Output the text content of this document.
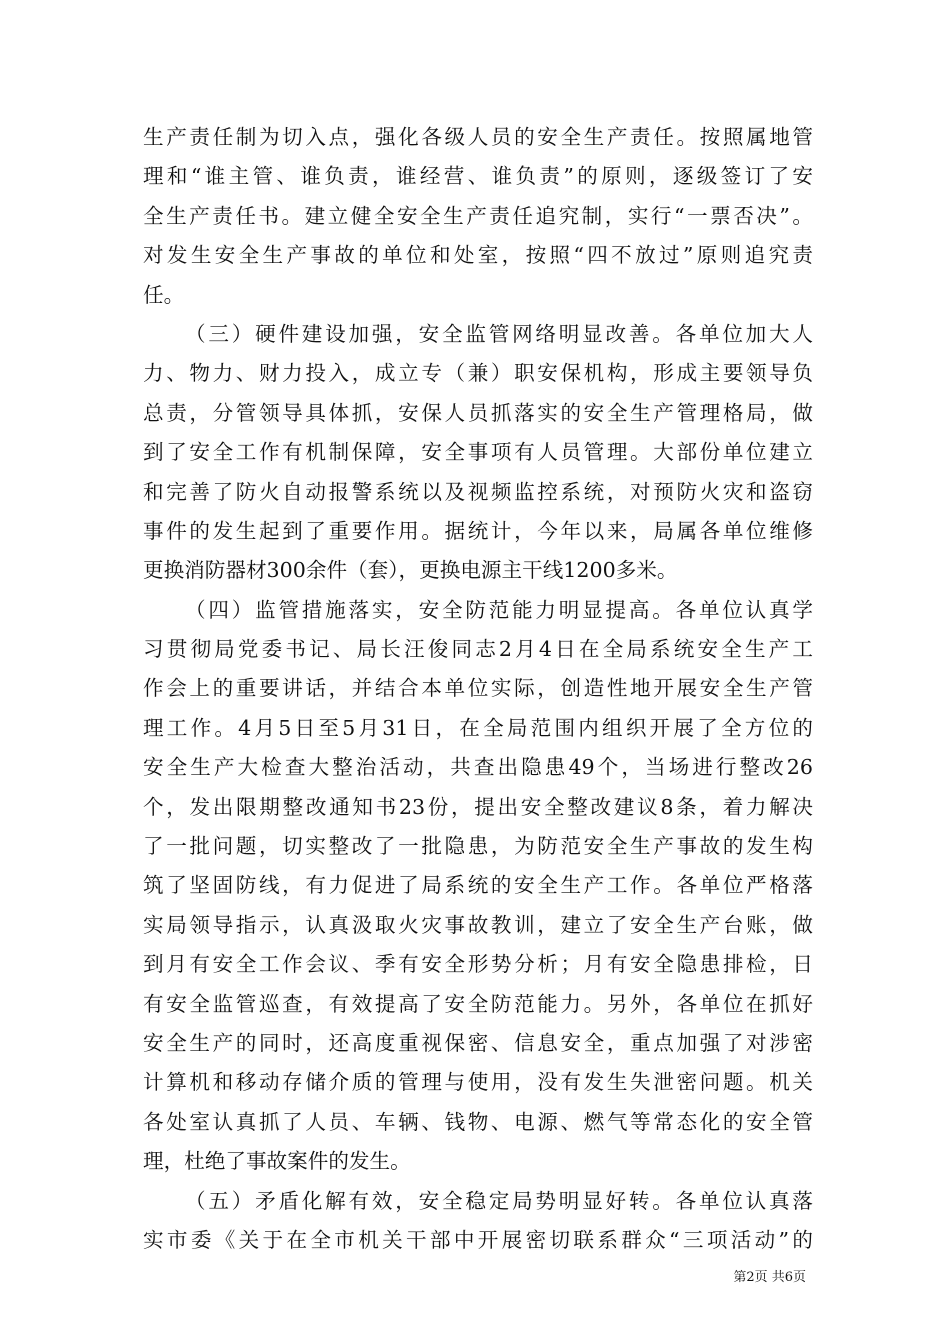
生产责任制为切入点，强化各级人员的安全生产责任。按照属地管
理和“谁主管、谁负责，谁经营、谁负责”的原则，逐级签订了安
全生产责任书。建立健全安全生产责任追究制，实行“一票否决”。
对发生安全生产事故的单位和处室，按照“四不放过”原则追究责
任。
（三）硬件建设加强，安全监管网络明显改善。各单位加大人
力、物力、财力投入，成立专（兼）职安保机构，形成主要领导负
总责，分管领导具体抓，安保人员抓落实的安全生产管理格局，做
到了安全工作有机制保障，安全事项有人员管理。大部份单位建立
和完善了防火自动报警系统以及视频监控系统，对预防火灾和盗窃
事件的发生起到了重要作用。据统计，今年以来，局属各单位维修
更换消防器材300余件（套），更换电源主干线1200多米。
（四）监管措施落实，安全防范能力明显提高。各单位认真学
习贯彻局党委书记、局长汪俊同志2月4日在全局系统安全生产工
作会上的重要讲话，并结合本单位实际，创造性地开展安全生产管
理工作。4月5日至5月31日，在全局范围内组织开展了全方位的
安全生产大检查大整治活动，共查出隐患49个，当场进行整改26
个，发出限期整改通知书23份，提出安全整改建议8条，着力解决
了一批问题，切实整改了一批隐患，为防范安全生产事故的发生构
筑了坚固防线，有力促进了局系统的安全生产工作。各单位严格落
实局领导指示，认真汲取火灾事故教训，建立了安全生产台账，做
到月有安全工作会议、季有安全形势分析；月有安全隐患排检，日
有安全监管巡查，有效提高了安全防范能力。另外，各单位在抓好
安全生产的同时，还高度重视保密、信息安全，重点加强了对涉密
计算机和移动存储介质的管理与使用，没有发生失泄密问题。机关
各处室认真抓了人员、车辆、钱物、电源、燃气等常态化的安全管
理，杜绝了事故案件的发生。
（五）矛盾化解有效，安全稳定局势明显好转。各单位认真落
实市委《关于在全市机关干部中开展密切联系群众“三项活动”的
第2页 共6页
